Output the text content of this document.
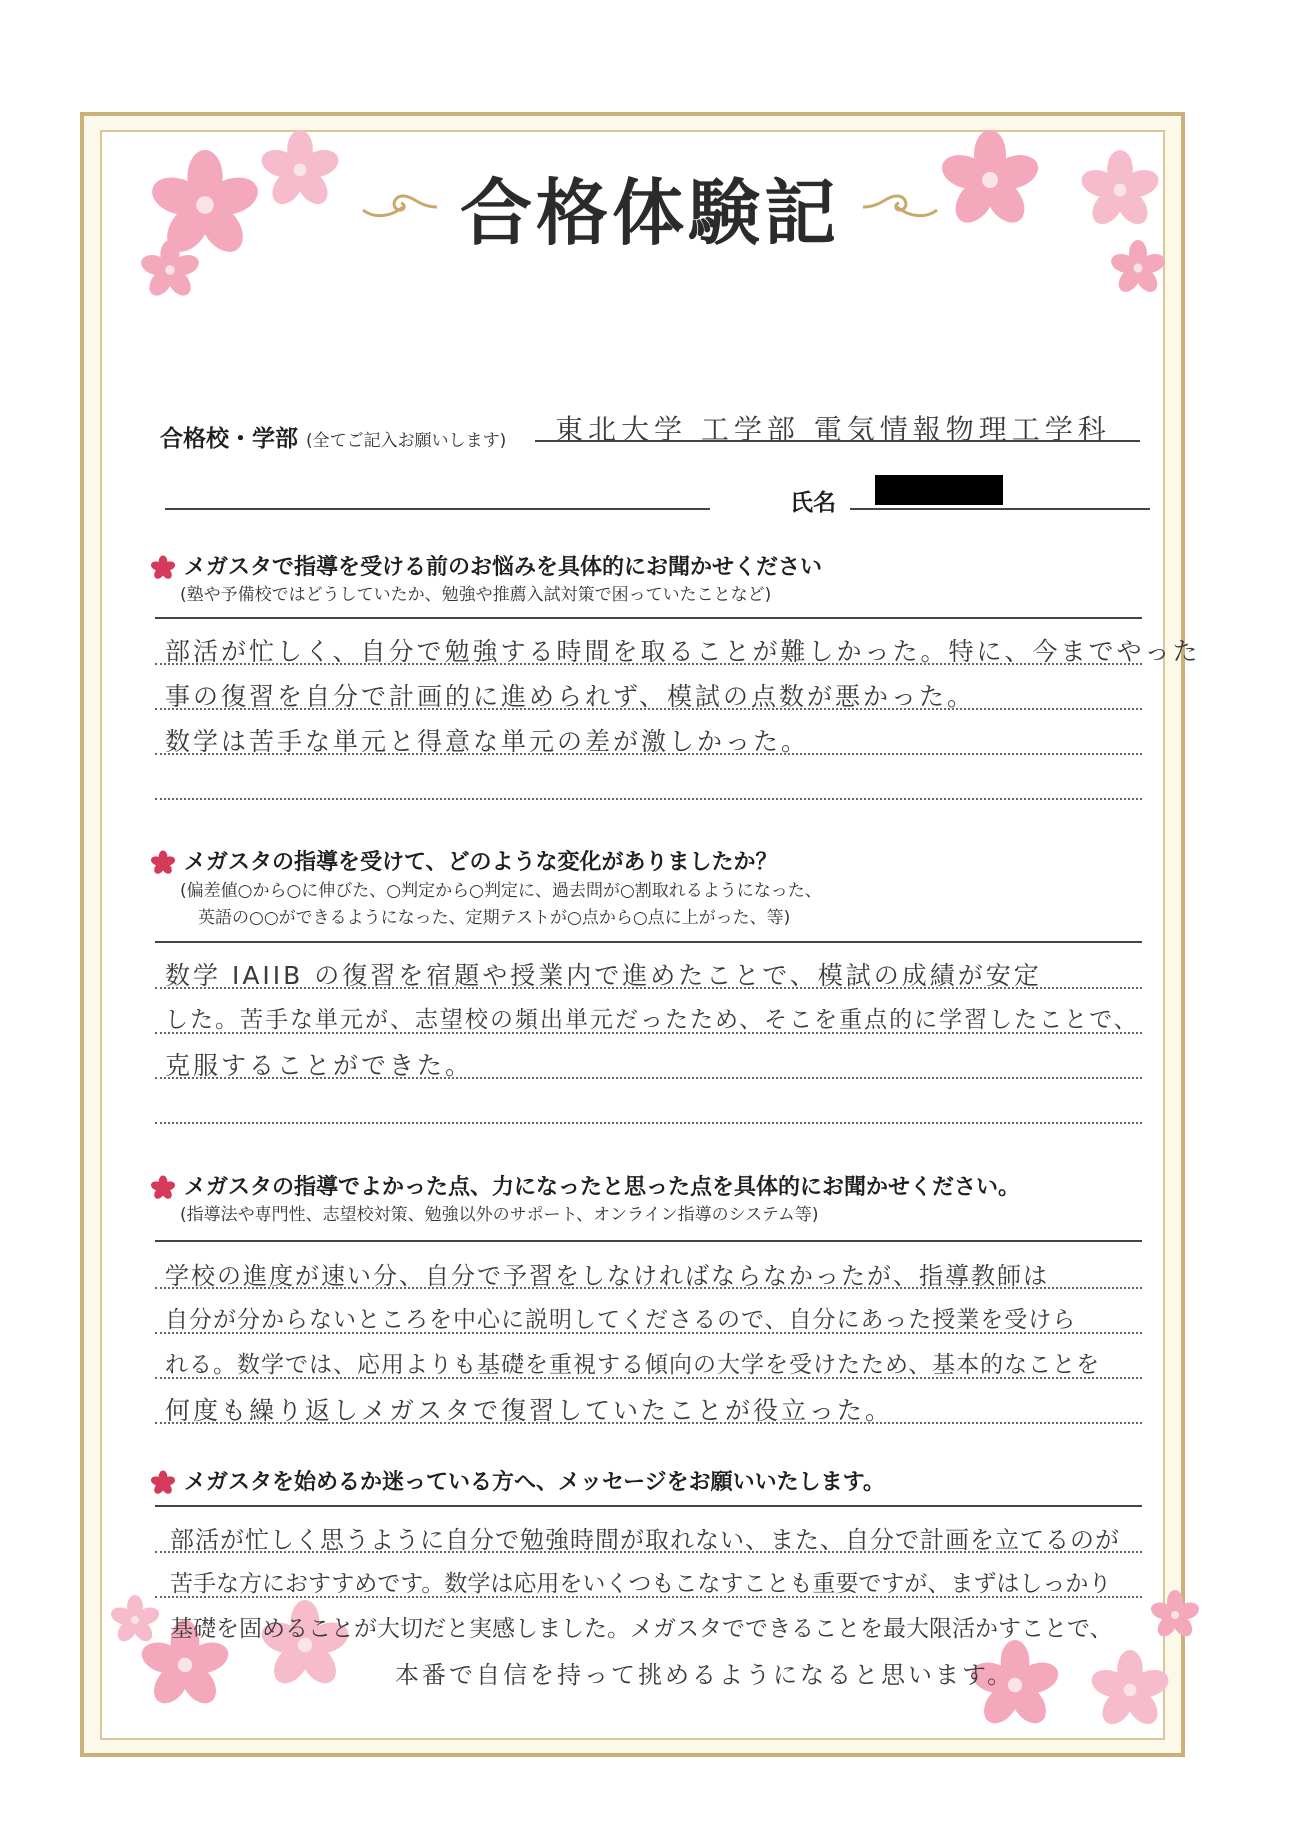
合格体験記
合格校・学部 (全てご記入お願いします) 東北大学 工学部 電気情報物理工学科
氏名
メガスタで指導を受ける前のお悩みを具体的にお聞かせください
(塾や予備校ではどうしていたか、勉強や推薦入試対策で困っていたことなど)
部活が忙しく、自分で勉強する時間を取ることが難しかった。特に、今までやった
事の復習を自分で計画的に進められず、模試の点数が悪かった。
数学は苦手な単元と得意な単元の差が激しかった。
メガスタの指導を受けて、どのような変化がありましたか？
(偏差値○から○に伸びた、○判定から○判定に、過去問が○割取れるようになった、
英語の○○ができるようになった、定期テストが○点から○点に上がった、等)
数学 IAIIB の復習を宿題や授業内で進めたことで、模試の成績が安定
した。苦手な単元が、志望校の頻出単元だったため、そこを重点的に学習したことで、
克服することができた。
メガスタの指導でよかった点、力になったと思った点を具体的にお聞かせください。
(指導法や専門性、志望校対策、勉強以外のサポート、オンライン指導のシステム等)
学校の進度が速い分、自分で予習をしなければならなかったが、指導教師は
自分が分からないところを中心に説明してくださるので、自分にあった授業を受けら
れる。数学では、応用よりも基礎を重視する傾向の大学を受けたため、基本的なことを
何度も繰り返しメガスタで復習していたことが役立った。
メガスタを始めるか迷っている方へ、メッセージをお願いいたします。
部活が忙しく思うように自分で勉強時間が取れない、また、自分で計画を立てるのが
苦手な方におすすめです。数学は応用をいくつもこなすことも重要ですが、まずはしっかり
基礎を固めることが大切だと実感しました。メガスタでできることを最大限活かすことで、
本番で自信を持って挑めるようになると思います。
